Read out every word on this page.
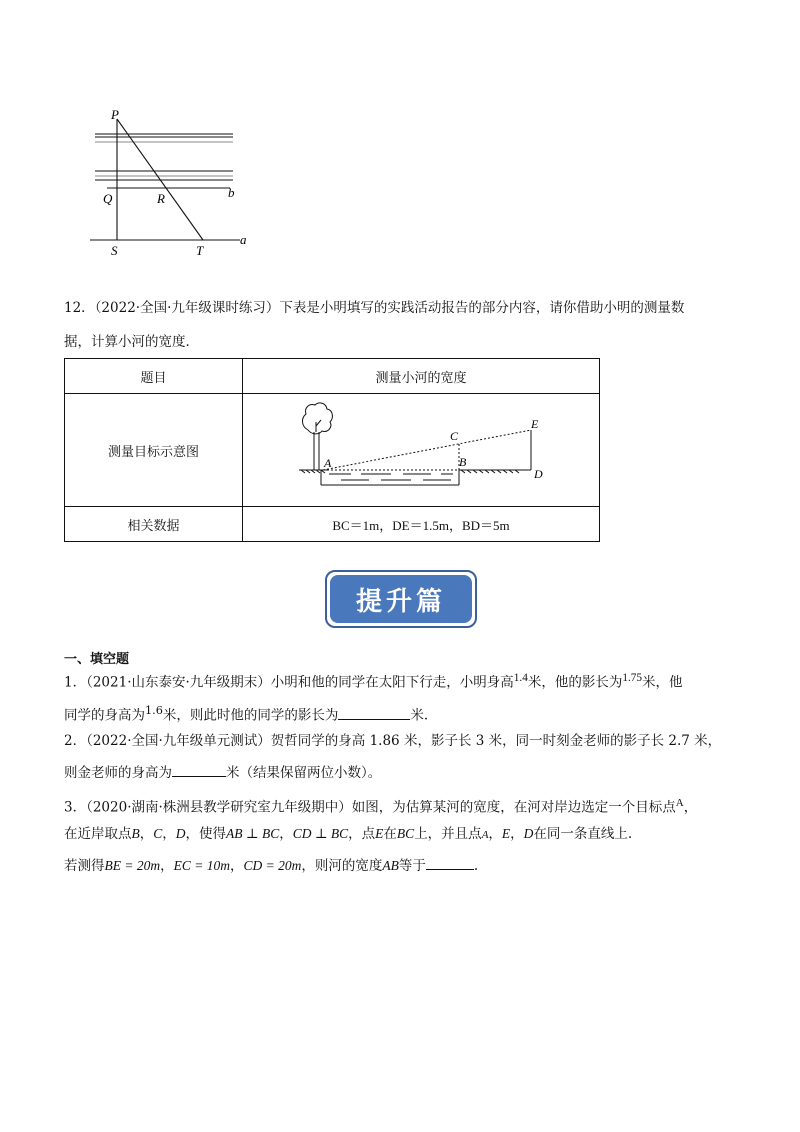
P
Q	R	b
S	T
a
12．（2022·全国·九年级课时练习）下表是小明填写的实践活动报告的部分内容，请你借助小明的测量数
据，计算小河的宽度．
题目	测量小河的宽度
测量目标示意图	A B
C
D
E

相关数据	BC＝1m，DE＝1.5m，BD＝5m
提升篇
一、填空题
1．（2021·山东泰安·九年级期末）小明和他的同学在太阳下行走，小明身高$^{1.4}$米，他的影长为$^{1.75}$米，他
同学的身高为$^{1.6}$米，则此时他的同学的影长为	米.
2．（2022·全国·九年级单元测试）贺哲同学的身高 1.86 米，影子长 3 米，同一时刻金老师的影子长 2.7 米，
则金老师的身高为	米（结果保留两位小数）。
3．（2020·湖南·株洲县教学研究室九年级期中）如图，为估算某河的宽度，在河对岸边选定一个目标点$^A$，
在近岸取点B，C，D，使得AB ⊥ BC，CD ⊥ BC，点E在BC上，并且点A，E，D在同一条直线上.
若测得BE = 20m，EC = 10m，CD = 20m，则河的宽度AB等于	.
